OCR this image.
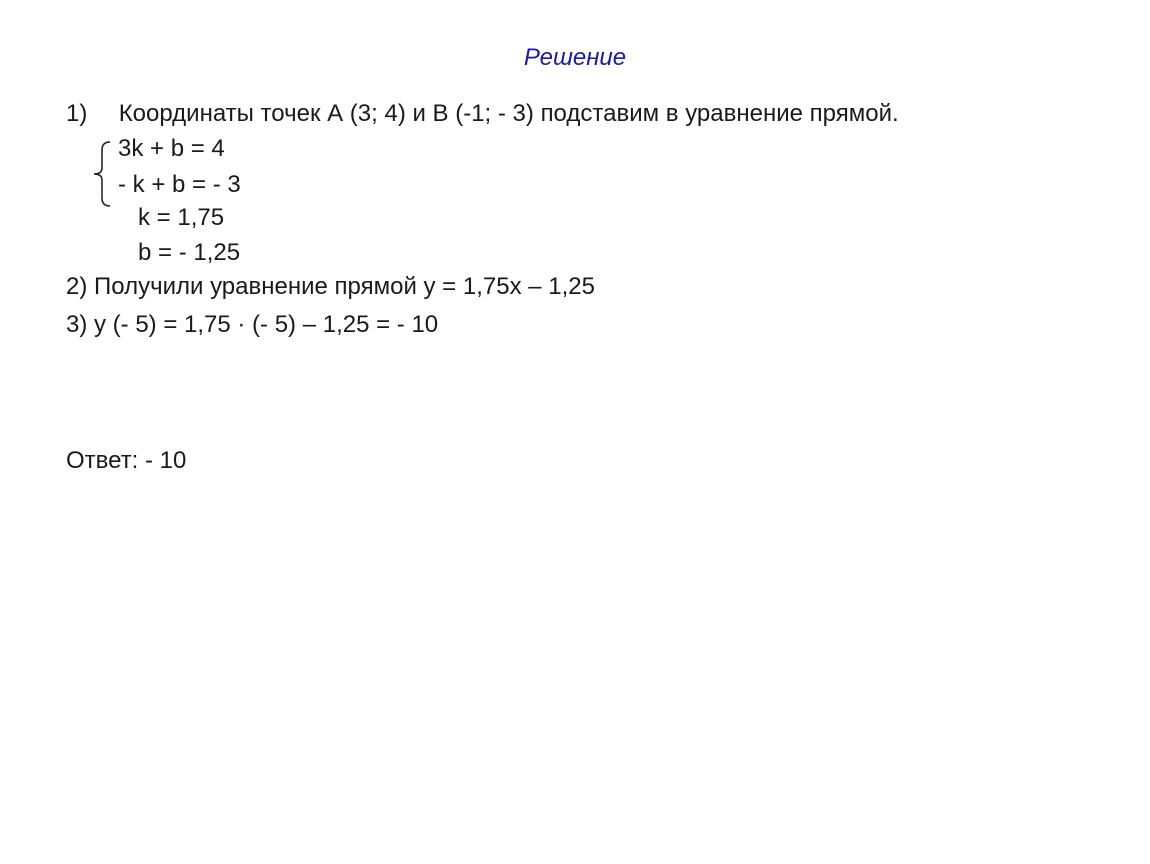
Решение
1) Координаты точек А (3; 4) и В (-1; - 3) подставим в уравнение прямой.
3k + b = 4
- k + b = - 3
k = 1,75
b = - 1,25
2) Получили уравнение прямой у = 1,75х – 1,25
3) у (- 5) = 1,75 · (- 5) – 1,25 = - 10
Ответ: - 10
